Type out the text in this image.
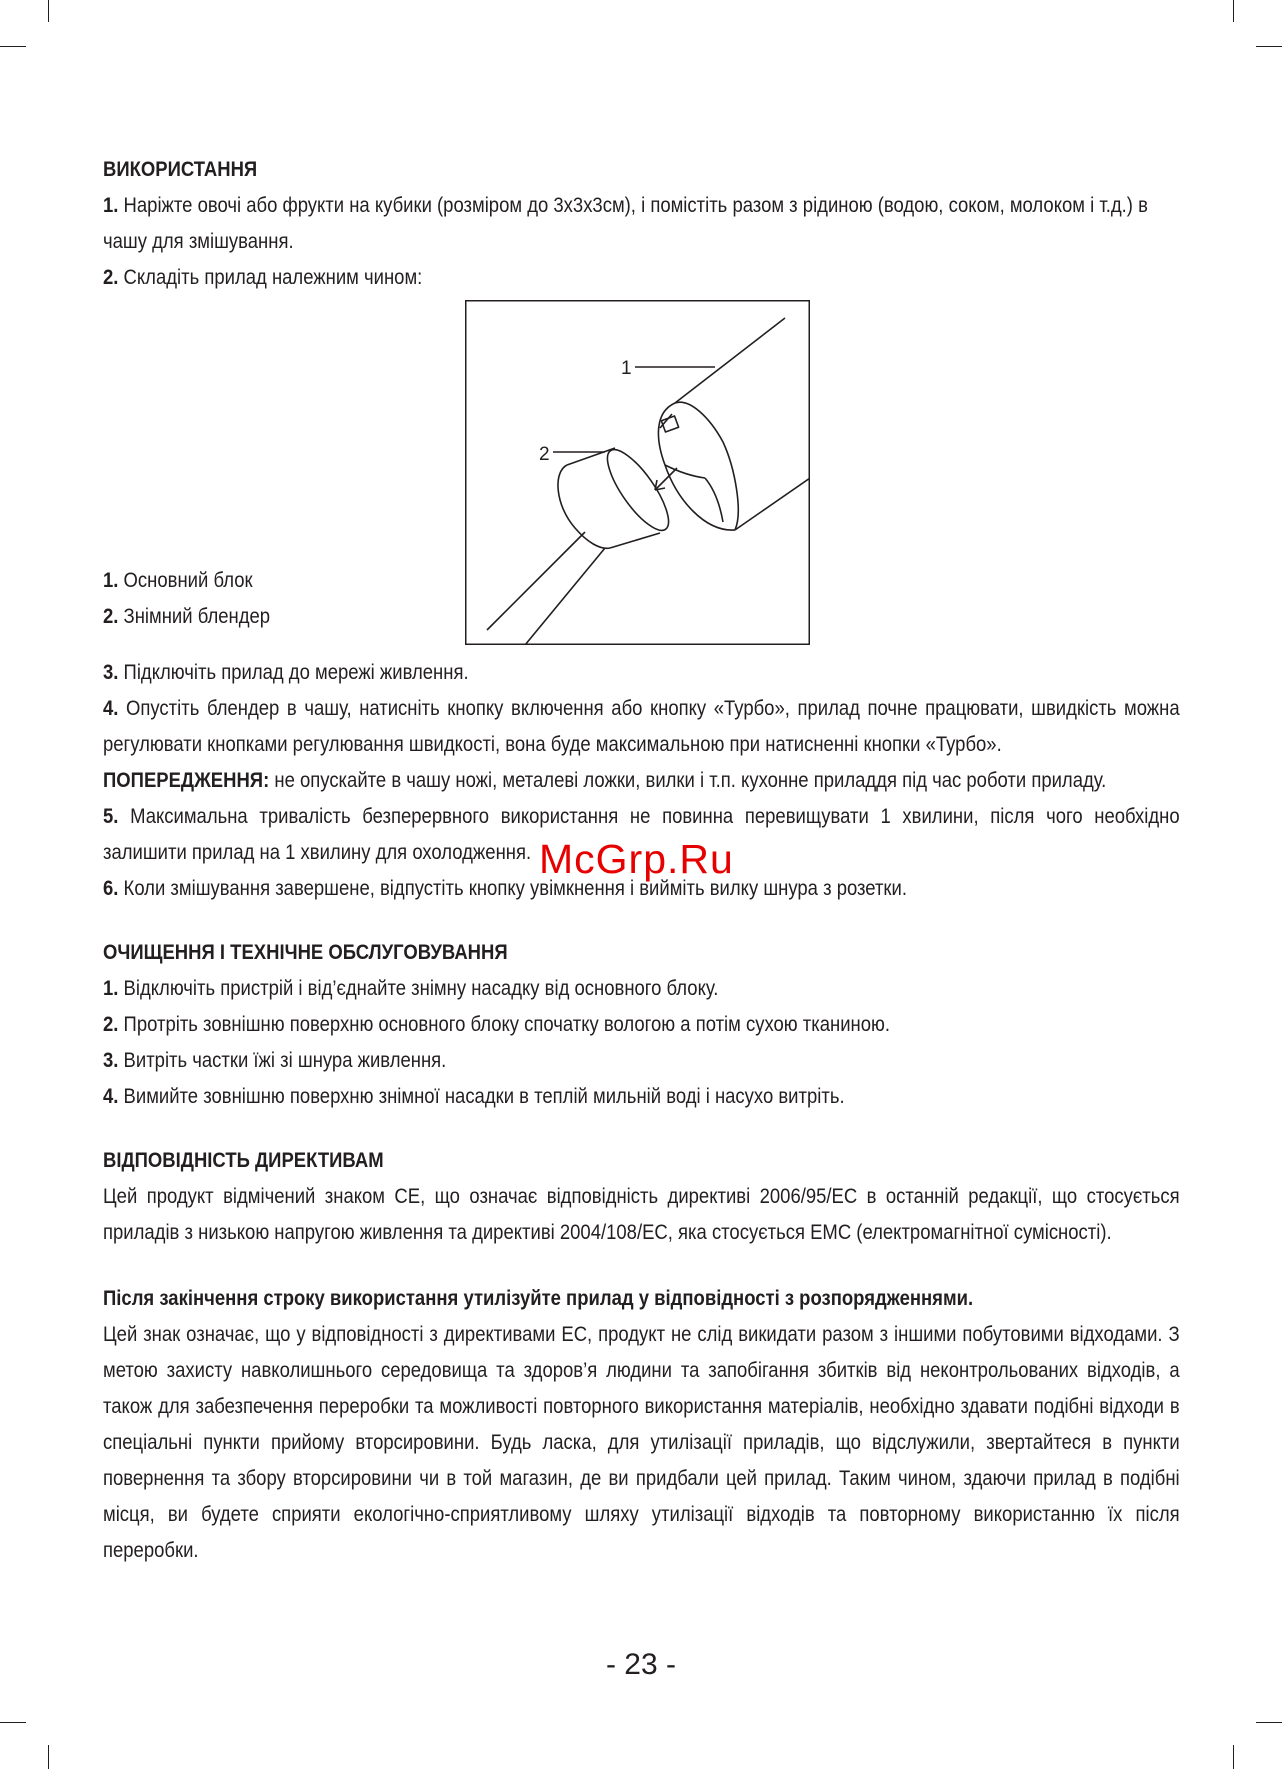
ВИКОРИСТАННЯ

1. Наріжте овочі або фрукти на кубики (розміром до 3х3х3см), і помістіть разом з рідиною (водою, соком, молоком і т.д.) в чашу для змішування.

2. Складіть прилад належним чином:

1
2

1. Основний блок

2. Знімний блендер

3. Підключіть прилад до мережі живлення.

4. Опустіть блендер в чашу, натисніть кнопку включення або кнопку «Турбо», прилад почне працювати, швидкість можна регулювати кнопками регулювання швидкості, вона буде максимальною при натисненні кнопки «Турбо».

ПОПЕРЕДЖЕННЯ: не опускайте в чашу ножі, металеві ложки, вилки і т.п. кухонне приладдя під час роботи приладу.

5. Максимальна тривалість безперервного використання не повинна перевищувати 1 хвилини, після чого необхідно залишити прилад на 1 хвилину для охолодження.

6. Коли змішування завершене, відпустіть кнопку увімкнення і вийміть вилку шнура з розетки.

ОЧИЩЕННЯ І ТЕХНІЧНЕ ОБСЛУГОВУВАННЯ

1. Відключіть пристрій і від’єднайте знімну насадку від основного блоку.

2. Протріть зовнішню поверхню основного блоку спочатку вологою а потім сухою тканиною.

3. Витріть частки їжі зі шнура живлення.

4. Вимийте зовнішню поверхню знімної насадки в теплій мильній воді і насухо витріть.

ВІДПОВІДНІСТЬ ДИРЕКТИВАМ

Цей продукт відмічений знаком CE, що означає відповідність директиві 2006/95/ЕС в останній редакції, що стосується приладів з низькою напругою живлення та директиві 2004/108/ЕС, яка стосується EMC (електромагнітної сумісності).

Після закінчення строку використання утилізуйте прилад у відповідності з розпорядженнями.

Цей знак означає, що у відповідності з директивами ЕС, продукт не слід викидати разом з іншими побутовими відходами. З метою захисту навколишнього середовища та здоров’я людини та запобігання збитків від неконтрольованих відходів, а також для забезпечення переробки та можливості повторного використання матеріалів, необхідно здавати подібні відходи в спеціальні пункти прийому вторсировини. Будь ласка, для утилізації приладів, що відслужили, звертайтеся в пункти повернення та збору вторсировини чи в той магазин, де ви придбали цей прилад. Таким чином, здаючи прилад в подібні місця, ви будете сприяти екологічно-сприятливому шляху утилізації відходів та повторному використанню їх після переробки.

McGrp.Ru
- 23 -
